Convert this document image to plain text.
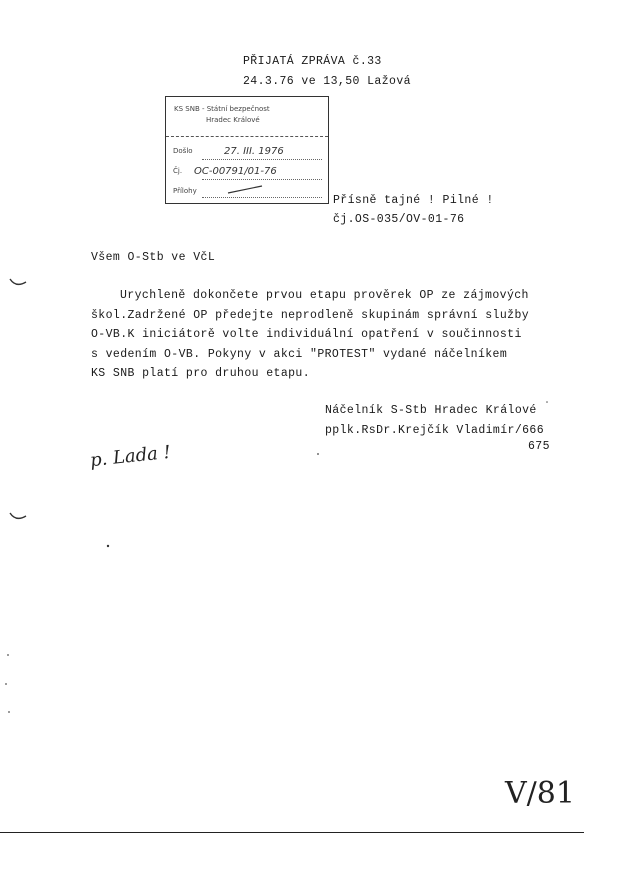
PŘIJATÁ ZPRÁVA č.33
24.3.76 ve 13,50 Lažová
KS SNB - Státní bezpečnost
Hradec Králové
Došlo	27. III. 1976
Čj. OC-00791/01-76
Přílohy
Přísně tajné ! Pilné !
čj.OS-035/OV-01-76
Všem O-Stb ve VčL
Urychleně dokončete prvou etapu prověrek OP ze zájmových
škol.Zadržené OP předejte neprodleně skupinám správní služby
O-VB.K iniciátorě volte individuální opatření v součinnosti
s vedením O-VB. Pokyny v akci "PROTEST" vydané náčelníkem
KS SNB platí pro druhou etapu.
Náčelník S-Stb Hradec Králové
pplk.RsDr.Krejčík Vladimír/666
675
p. Lada !
V/81
